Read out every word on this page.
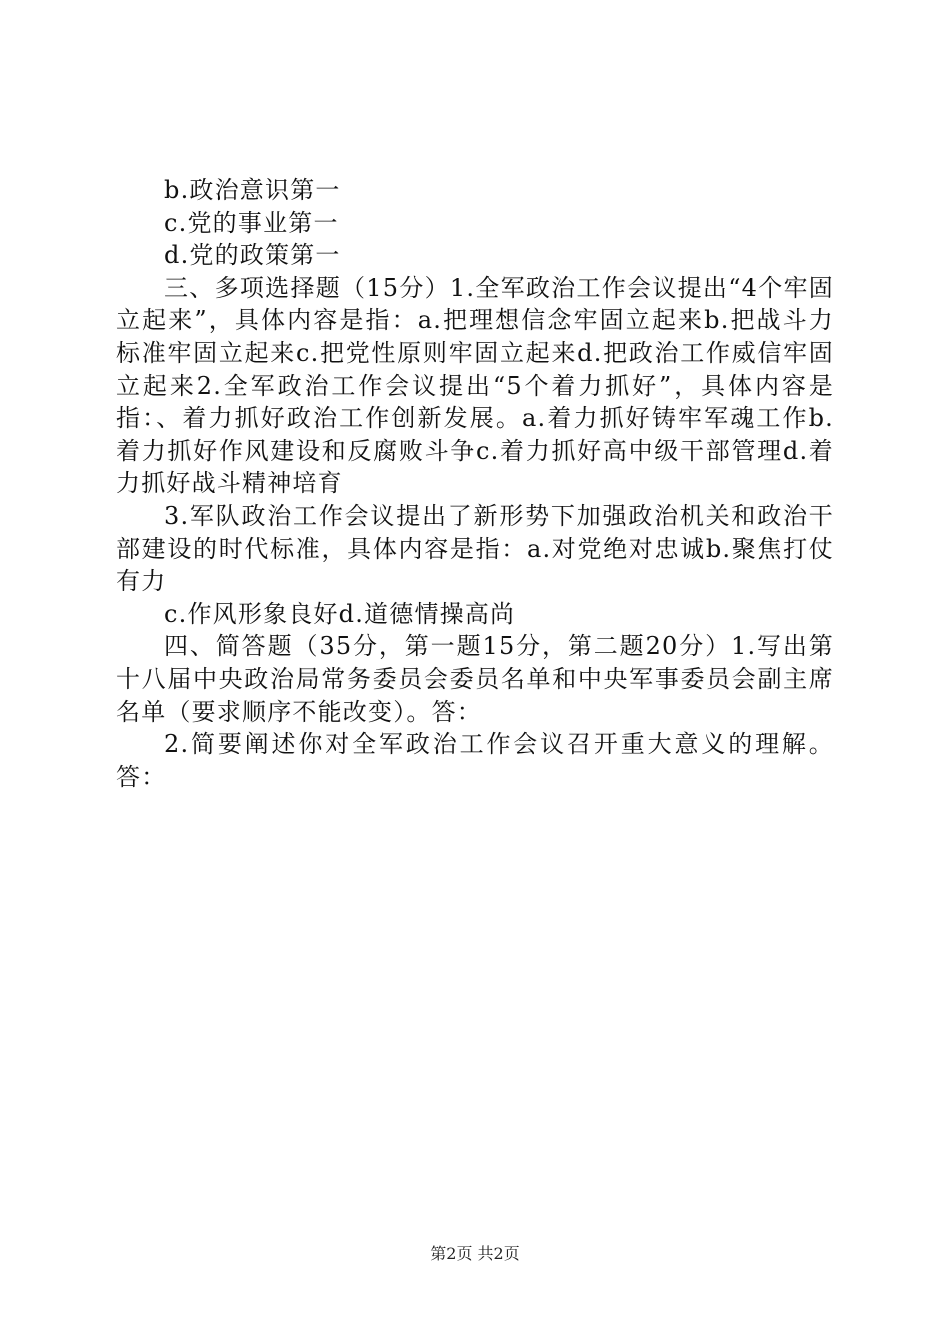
b.政治意识第一

c.党的事业第一

d.党的政策第一

三、多项选择题（15分）1.全军政治工作会议提出“4个牢固立起来”，具体内容是指：a.把理想信念牢固立起来b.把战斗力标准牢固立起来c.把党性原则牢固立起来d.把政治工作威信牢固立起来2.全军政治工作会议提出“5个着力抓好”，具体内容是指：、着力抓好政治工作创新发展。a.着力抓好铸牢军魂工作b.着力抓好作风建设和反腐败斗争c.着力抓好高中级干部管理d.着力抓好战斗精神培育

3.军队政治工作会议提出了新形势下加强政治机关和政治干部建设的时代标准，具体内容是指：a.对党绝对忠诚b.聚焦打仗有力

c.作风形象良好d.道德情操高尚

四、简答题（35分，第一题15分，第二题20分）1.写出第十八届中央政治局常务委员会委员名单和中央军事委员会副主席名单（要求顺序不能改变）。答：

2.简要阐述你对全军政治工作会议召开重大意义的理解。答：

第2页 共2页
